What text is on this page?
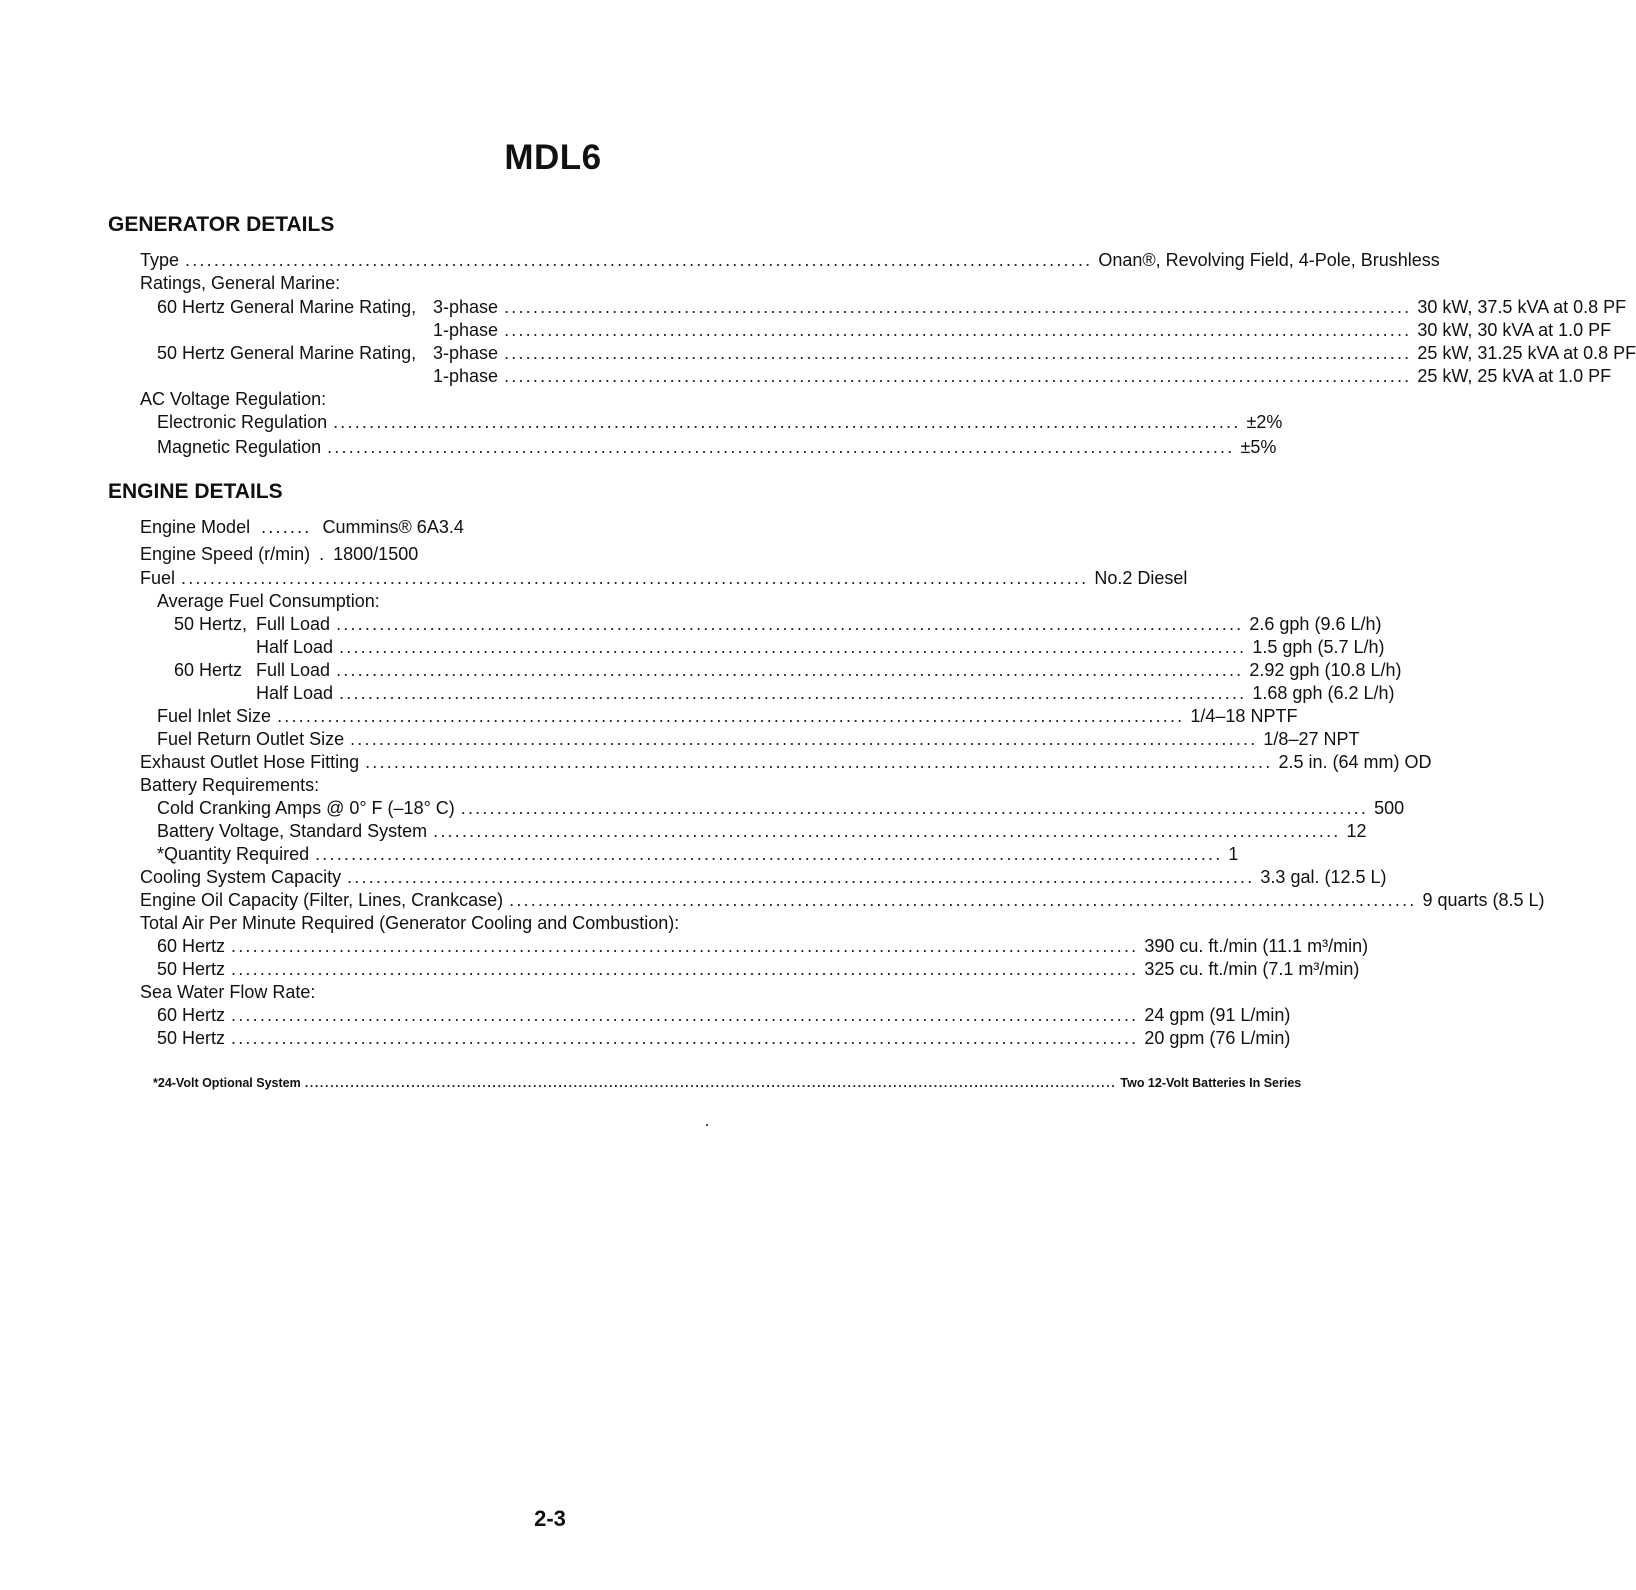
MDL6
GENERATOR DETAILS
Type .............................................................................................................................. Onan®, Revolving Field, 4-Pole, Brushless
Ratings, General Marine:
60 Hertz General Marine Rating, 3-phase .............................................................................................................................. 30 kW, 37.5 kVA at 0.8 PF
1-phase .............................................................................................................................. 30 kW, 30 kVA at 1.0 PF
50 Hertz General Marine Rating, 3-phase .............................................................................................................................. 25 kW, 31.25 kVA at 0.8 PF
1-phase .............................................................................................................................. 25 kW, 25 kVA at 1.0 PF
AC Voltage Regulation:
Electronic Regulation .............................................................................................................................. ±2%
Magnetic Regulation .............................................................................................................................. ±5%
ENGINE DETAILS
Engine Model ....... Cummins® 6A3.4
Engine Speed (r/min) . 1800/1500
Fuel .............................................................................................................................. No.2 Diesel
Average Fuel Consumption:
50 Hertz, Full Load .............................................................................................................................. 2.6 gph (9.6 L/h)
Half Load .............................................................................................................................. 1.5 gph (5.7 L/h)
60 Hertz Full Load .............................................................................................................................. 2.92 gph (10.8 L/h)
Half Load .............................................................................................................................. 1.68 gph (6.2 L/h)
Fuel Inlet Size .............................................................................................................................. 1/4–18 NPTF
Fuel Return Outlet Size .............................................................................................................................. 1/8–27 NPT
Exhaust Outlet Hose Fitting .............................................................................................................................. 2.5 in. (64 mm) OD
Battery Requirements:
Cold Cranking Amps @ 0° F (–18° C) .............................................................................................................................. 500
Battery Voltage, Standard System .............................................................................................................................. 12
*Quantity Required .............................................................................................................................. 1
Cooling System Capacity .............................................................................................................................. 3.3 gal. (12.5 L)
Engine Oil Capacity (Filter, Lines, Crankcase) .............................................................................................................................. 9 quarts (8.5 L)
Total Air Per Minute Required (Generator Cooling and Combustion):
60 Hertz .............................................................................................................................. 390 cu. ft./min (11.1 m³/min)
50 Hertz .............................................................................................................................. 325 cu. ft./min (7.1 m³/min)
Sea Water Flow Rate:
60 Hertz .............................................................................................................................. 24 gpm (91 L/min)
50 Hertz .............................................................................................................................. 20 gpm (76 L/min)
*24-Volt Optional System ................................................................................................................................................................ Two 12-Volt Batteries In Series
2-3
